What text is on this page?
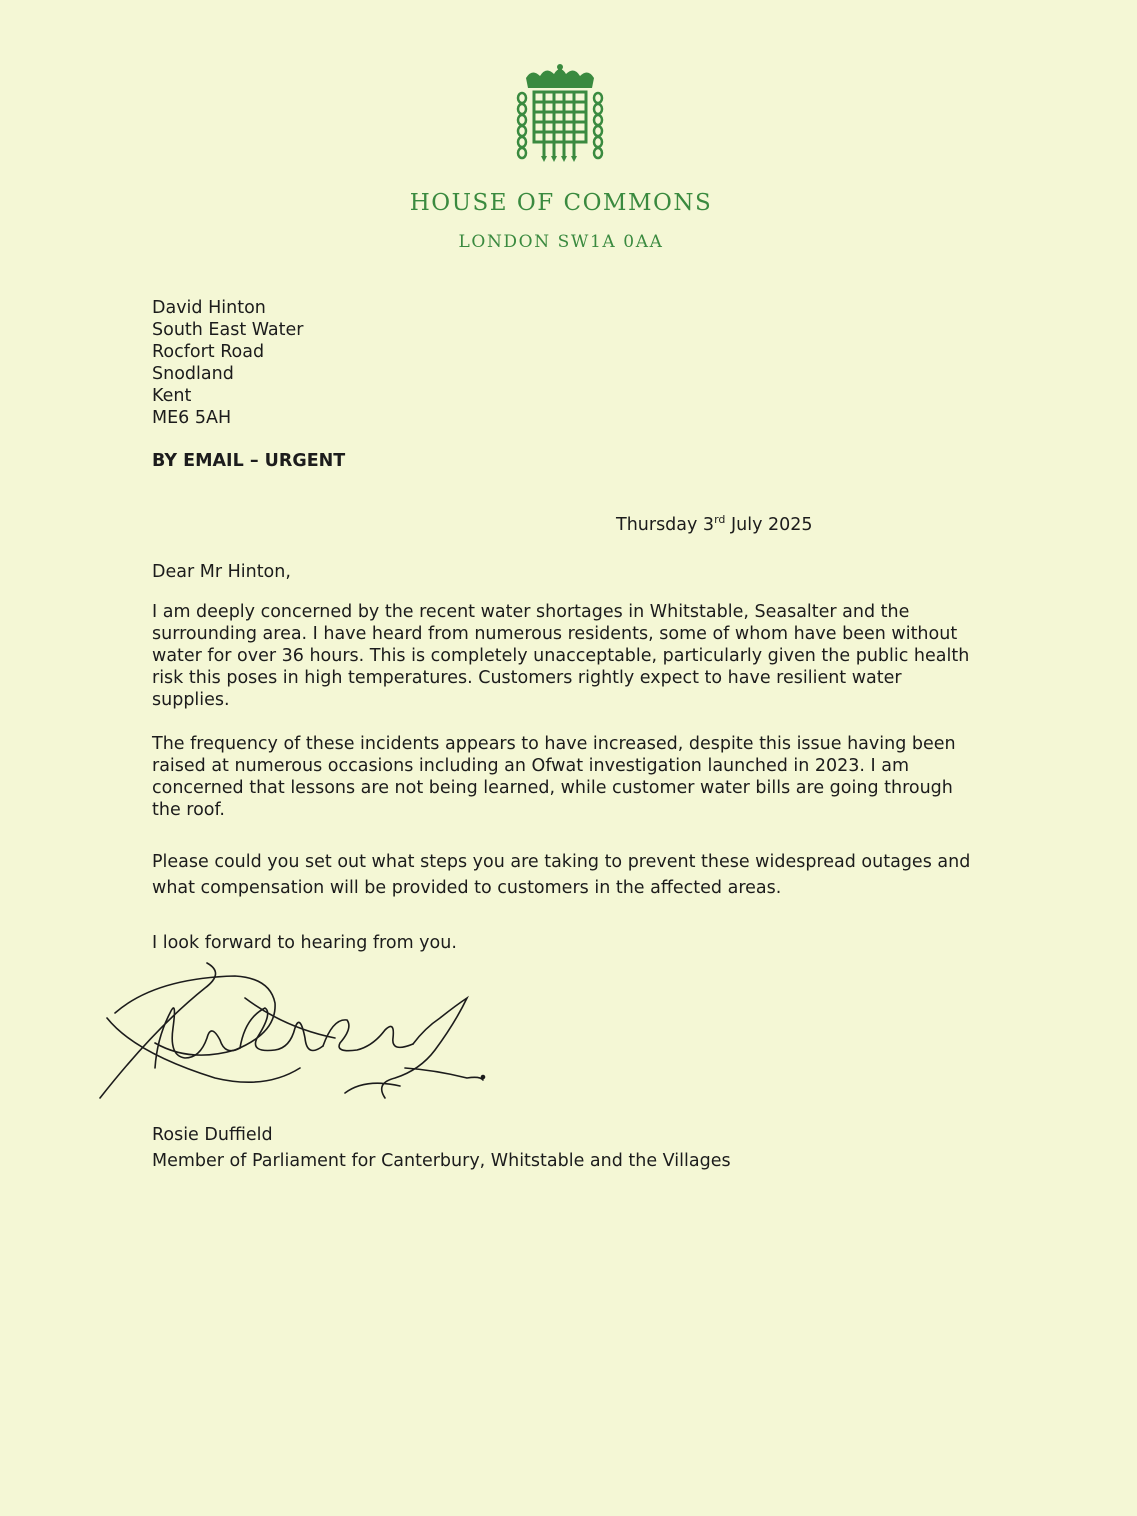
HOUSE OF COMMONS
LONDON SW1A 0AA
David Hinton
South East Water
Rocfort Road
Snodland
Kent
ME6 5AH
BY EMAIL – URGENT
Thursday 3rd July 2025
Dear Mr Hinton,
I am deeply concerned by the recent water shortages in Whitstable, Seasalter and the
surrounding area. I have heard from numerous residents, some of whom have been without
water for over 36 hours. This is completely unacceptable, particularly given the public health
risk this poses in high temperatures. Customers rightly expect to have resilient water
supplies.
The frequency of these incidents appears to have increased, despite this issue having been
raised at numerous occasions including an Ofwat investigation launched in 2023. I am
concerned that lessons are not being learned, while customer water bills are going through
the roof.
Please could you set out what steps you are taking to prevent these widespread outages and
what compensation will be provided to customers in the affected areas.
I look forward to hearing from you.
Rosie Duffield
Member of Parliament for Canterbury, Whitstable and the Villages
